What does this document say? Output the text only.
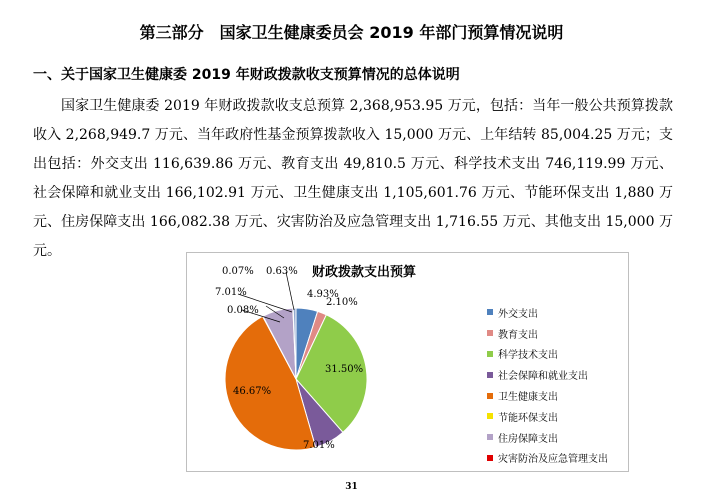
第三部分　国家卫生健康委员会 2019 年部门预算情况说明
一、关于国家卫生健康委 2019 年财政拨款收支预算情况的总体说明
国家卫生健康委 2019 年财政拨款收支总预算 2,368,953.95 万元，包括：当年一般公共预算拨款收入 2,268,949.7 万元、当年政府性基金预算拨款收入 15,000 万元、上年结转 85,004.25 万元；支出包括：外交支出 116,639.86 万元、教育支出 49,810.5 万元、科学技术支出 746,119.99 万元、社会保障和就业支出 166,102.91 万元、卫生健康支出 1,105,601.76 万元、节能环保支出 1,880 万元、住房保障支出 166,082.38 万元、灾害防治及应急管理支出 1,716.55 万元、其他支出 15,000 万元。
财政拨款支出预算
外交支出
教育支出
科学技术支出
社会保障和就业支出
卫生健康支出
节能环保支出
住房保障支出
灾害防治及应急管理支出
4.93%
2.10%
31.50%
7.01%
46.67%
0.08%
7.01%
0.07% 0.63%
31
